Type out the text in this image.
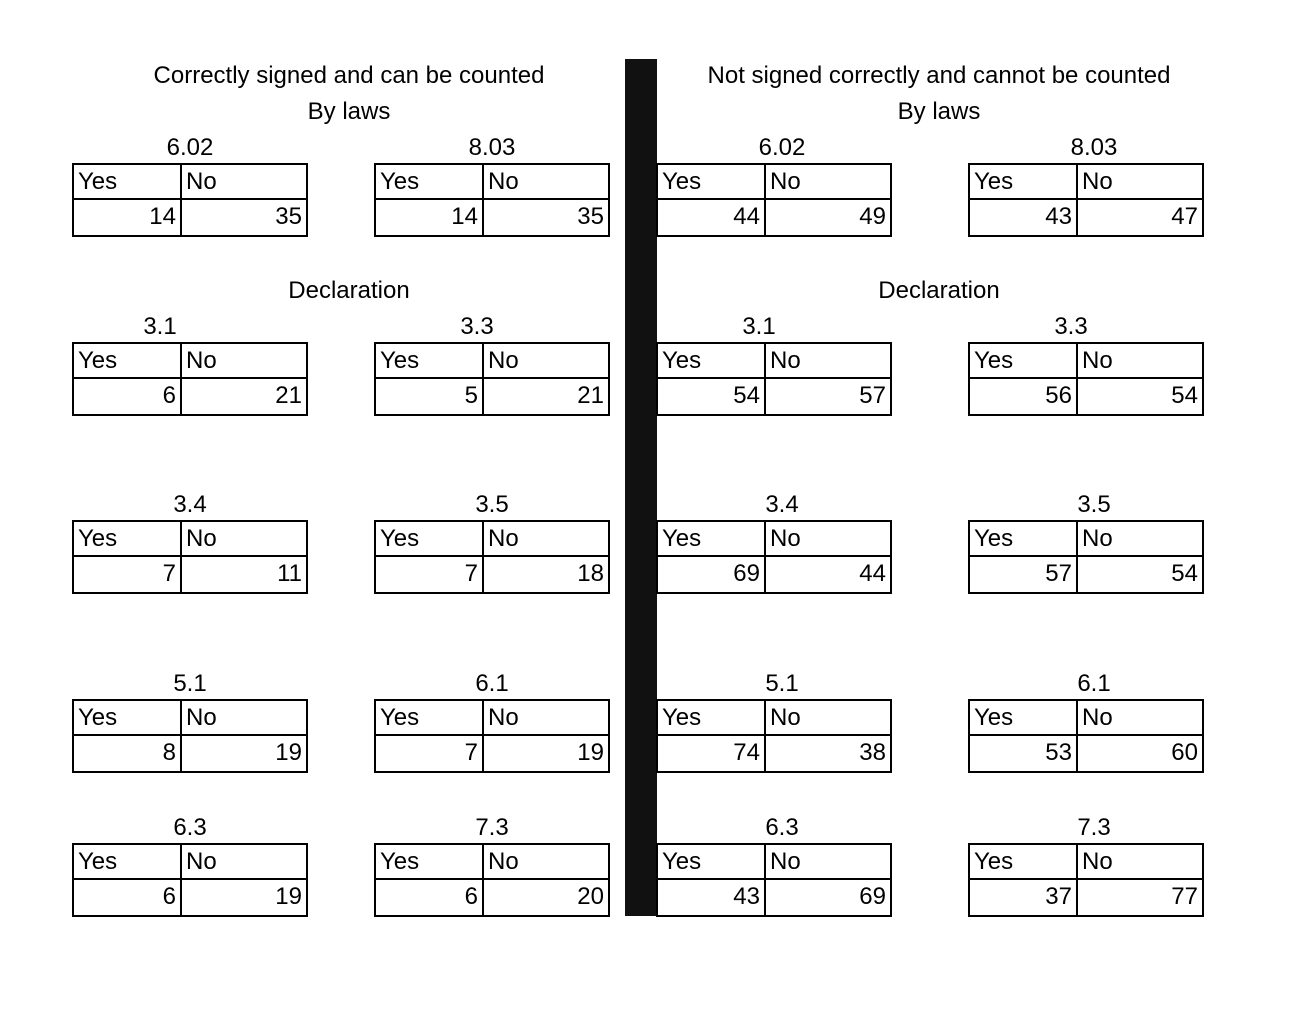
Correctly signed and can be counted
By laws
Declaration
Not signed correctly and cannot be counted
By laws
Declaration
6.02
Yes	No
14	35
8.03
Yes	No
14	35
3.1
Yes	No
6	21
3.3
Yes	No
5	21
3.4
Yes	No
7	11
3.5
Yes	No
7	18
5.1
Yes	No
8	19
6.1
Yes	No
7	19
6.3
Yes	No
6	19
7.3
Yes	No
6	20
6.02
Yes	No
44	49
8.03
Yes	No
43	47
3.1
Yes	No
54	57
3.3
Yes	No
56	54
3.4
Yes	No
69	44
3.5
Yes	No
57	54
5.1
Yes	No
74	38
6.1
Yes	No
53	60
6.3
Yes	No
43	69
7.3
Yes	No
37	77
